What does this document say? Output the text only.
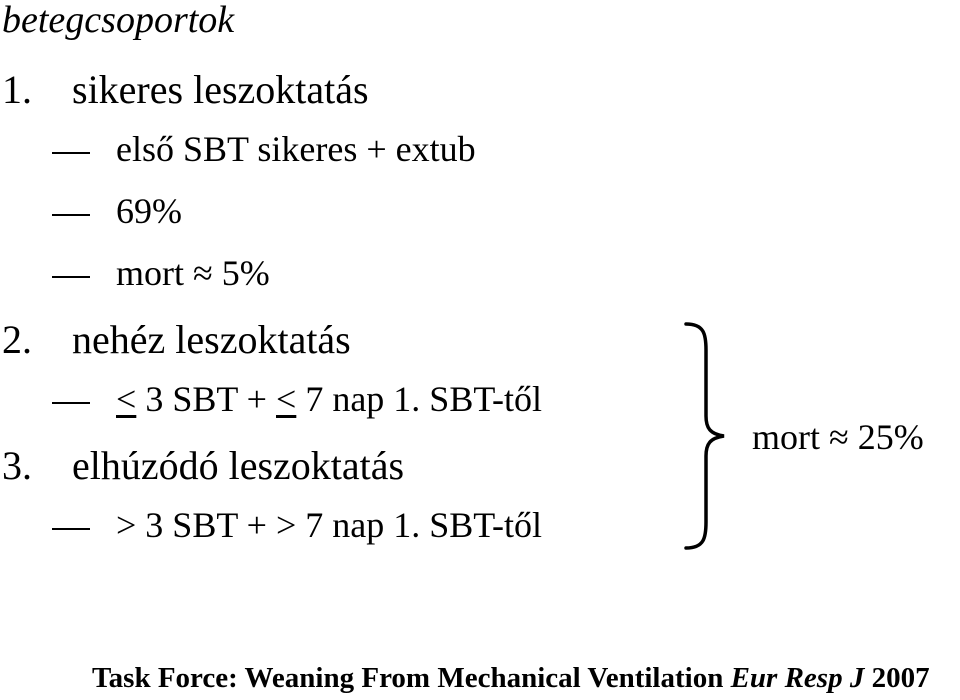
betegcsoportok
1. sikeres leszoktatás
első SBT sikeres + extub
69%
mort ≈ 5%
2. nehéz leszoktatás
≤ 3 SBT + ≤ 7 nap 1. SBT-től
3. elhúzódó leszoktatás
> 3 SBT + > 7 nap 1. SBT-től
mort ≈ 25%
Task Force: Weaning From Mechanical Ventilation Eur Resp J 2007
